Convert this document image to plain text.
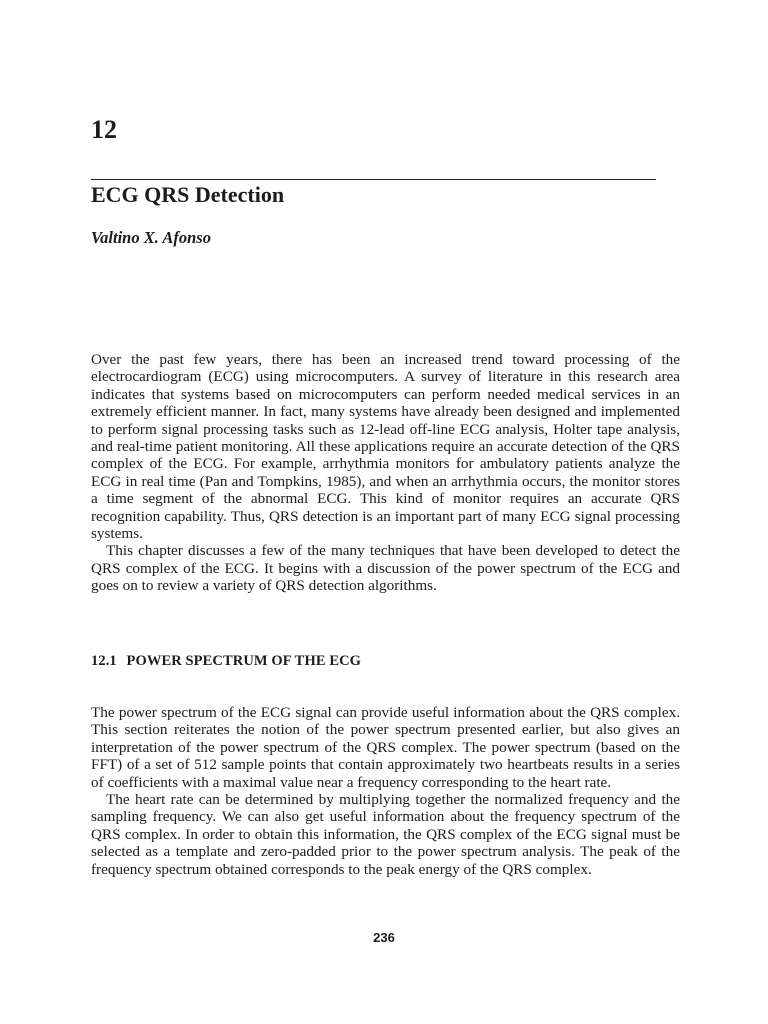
12
ECG QRS Detection
Valtino X. Afonso

Over the past few years, there has been an increased trend toward processing of the electrocardiogram (ECG) using microcomputers. A survey of literature in this research area indicates that systems based on microcomputers can perform needed medical services in an extremely efficient manner. In fact, many systems have already been designed and implemented to perform signal processing tasks such as 12-lead off-line ECG analysis, Holter tape analysis, and real-time patient monitoring. All these applications require an accurate detection of the QRS complex of the ECG. For example, arrhythmia monitors for ambulatory patients analyze the ECG in real time (Pan and Tompkins, 1985), and when an arrhythmia occurs, the monitor stores a time segment of the abnormal ECG. This kind of monitor requires an accurate QRS recognition capability. Thus, QRS detection is an important part of many ECG signal processing systems.

This chapter discusses a few of the many techniques that have been developed to detect the QRS complex of the ECG. It begins with a discussion of the power spectrum of the ECG and goes on to review a variety of QRS detection algorithms.

12.1 POWER SPECTRUM OF THE ECG

The power spectrum of the ECG signal can provide useful information about the QRS complex. This section reiterates the notion of the power spectrum presented earlier, but also gives an interpretation of the power spectrum of the QRS complex. The power spectrum (based on the FFT) of a set of 512 sample points that contain approximately two heartbeats results in a series of coefficients with a maximal value near a frequency corresponding to the heart rate.

The heart rate can be determined by multiplying together the normalized frequency and the sampling frequency. We can also get useful information about the frequency spectrum of the QRS complex. In order to obtain this information, the QRS complex of the ECG signal must be selected as a template and zero-padded prior to the power spectrum analysis. The peak of the frequency spectrum obtained corresponds to the peak energy of the QRS complex.

236
